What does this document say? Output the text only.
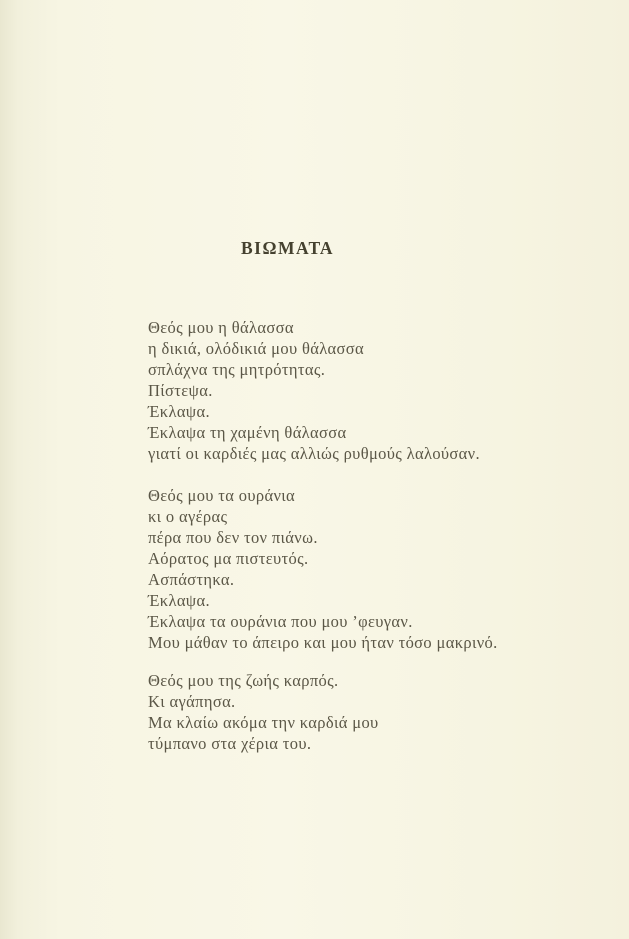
ΒΙΩΜΑΤΑ
Θεός μου η θάλασσα
η δικιά, ολόδικιά μου θάλασσα
σπλάχνα της μητρότητας.
Πίστεψα.
Έκλαψα.
Έκλαψα τη χαμένη θάλασσα
γιατί οι καρδιές μας αλλιώς ρυθμούς λαλούσαν.
Θεός μου τα ουράνια
κι ο αγέρας
πέρα που δεν τον πιάνω.
Αόρατος μα πιστευτός.
Ασπάστηκα.
Έκλαψα.
Έκλαψα τα ουράνια που μου ’φευγαν.
Μου μάθαν το άπειρο και μου ήταν τόσο μακρινό.
Θεός μου της ζωής καρπός.
Κι αγάπησα.
Μα κλαίω ακόμα την καρδιά μου
τύμπανο στα χέρια του.
